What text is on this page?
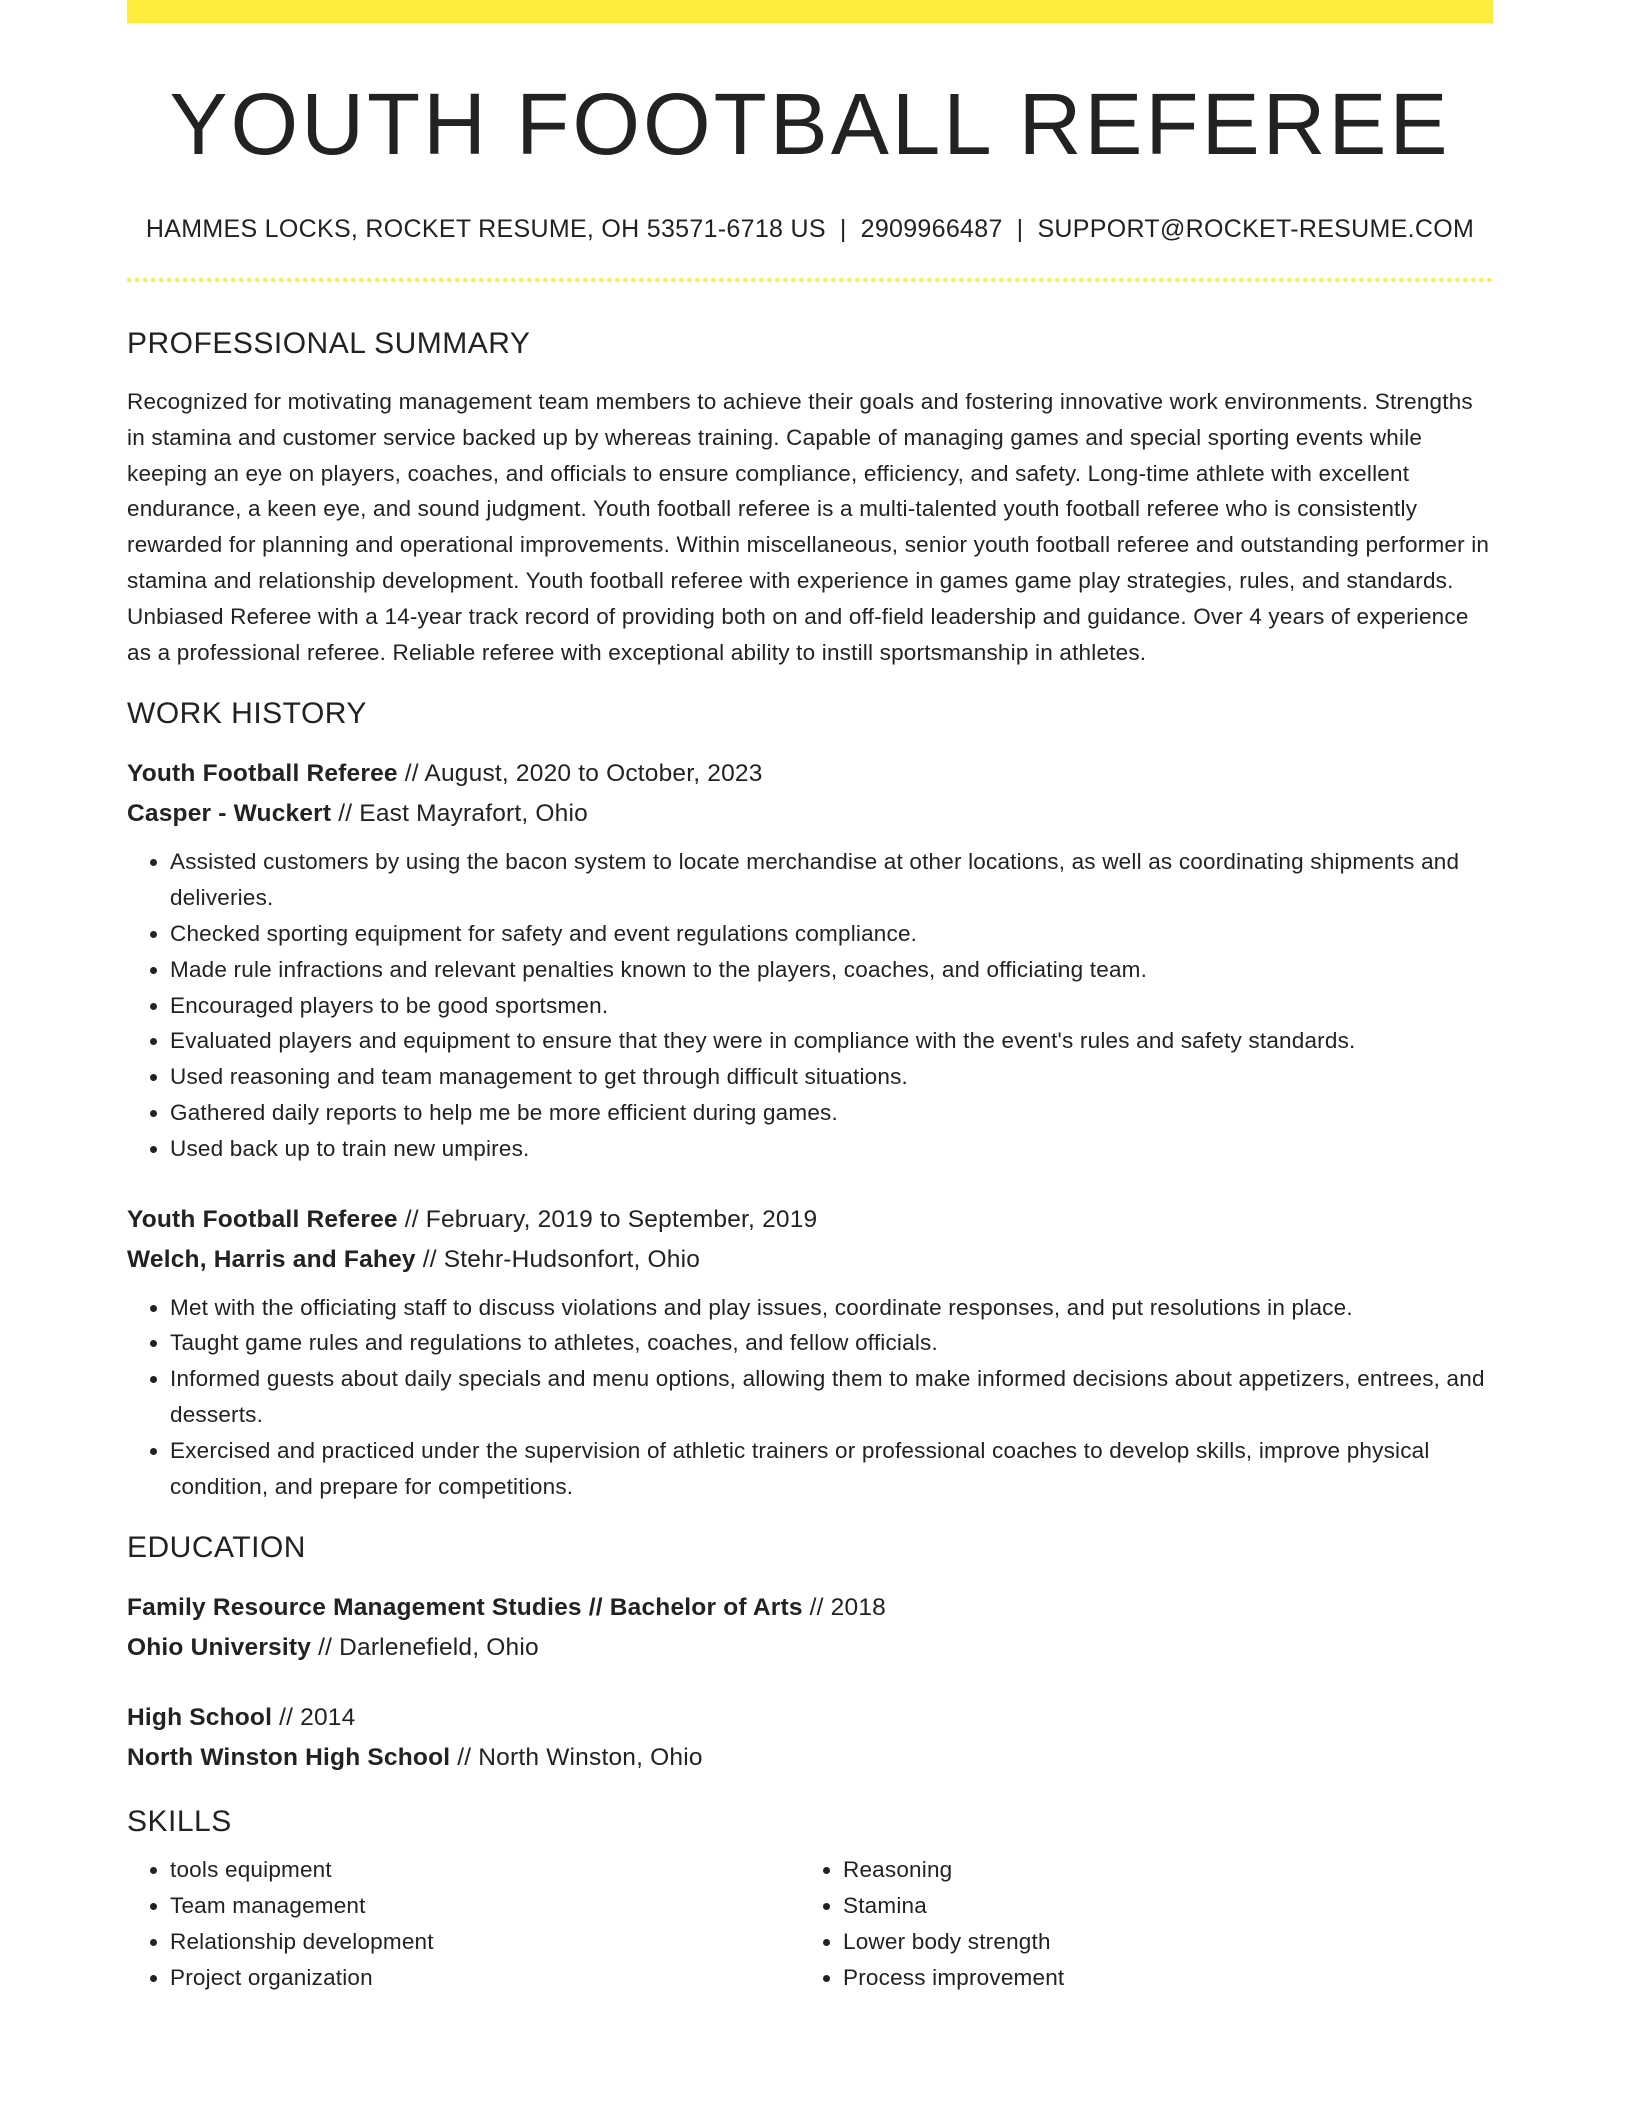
YOUTH FOOTBALL REFEREE
HAMMES LOCKS, ROCKET RESUME, OH 53571-6718 US | 2909966487 | SUPPORT@ROCKET-RESUME.COM
PROFESSIONAL SUMMARY

Recognized for motivating management team members to achieve their goals and fostering innovative work environments. Strengths in stamina and customer service backed up by whereas training. Capable of managing games and special sporting events while keeping an eye on players, coaches, and officials to ensure compliance, efficiency, and safety. Long-time athlete with excellent endurance, a keen eye, and sound judgment. Youth football referee is a multi-talented youth football referee who is consistently rewarded for planning and operational improvements. Within miscellaneous, senior youth football referee and outstanding performer in stamina and relationship development. Youth football referee with experience in games game play strategies, rules, and standards. Unbiased Referee with a 14-year track record of providing both on and off-field leadership and guidance. Over 4 years of experience as a professional referee. Reliable referee with exceptional ability to instill sportsmanship in athletes.

WORK HISTORY
Youth Football Referee // August, 2020 to October, 2023
Casper - Wuckert // East Mayrafort, Ohio
• Assisted customers by using the bacon system to locate merchandise at other locations, as well as coordinating shipments and deliveries.
• Checked sporting equipment for safety and event regulations compliance.
• Made rule infractions and relevant penalties known to the players, coaches, and officiating team.
• Encouraged players to be good sportsmen.
• Evaluated players and equipment to ensure that they were in compliance with the event's rules and safety standards.
• Used reasoning and team management to get through difficult situations.
• Gathered daily reports to help me be more efficient during games.
• Used back up to train new umpires.
Youth Football Referee // February, 2019 to September, 2019
Welch, Harris and Fahey // Stehr-Hudsonfort, Ohio
• Met with the officiating staff to discuss violations and play issues, coordinate responses, and put resolutions in place.
• Taught game rules and regulations to athletes, coaches, and fellow officials.
• Informed guests about daily specials and menu options, allowing them to make informed decisions about appetizers, entrees, and desserts.
• Exercised and practiced under the supervision of athletic trainers or professional coaches to develop skills, improve physical condition, and prepare for competitions.
EDUCATION
Family Resource Management Studies // Bachelor of Arts // 2018
Ohio University // Darlenefield, Ohio
High School // 2014
North Winston High School // North Winston, Ohio
SKILLS
• tools equipment
• Team management
• Relationship development
• Project organization
• Reasoning
• Stamina
• Lower body strength
• Process improvement
